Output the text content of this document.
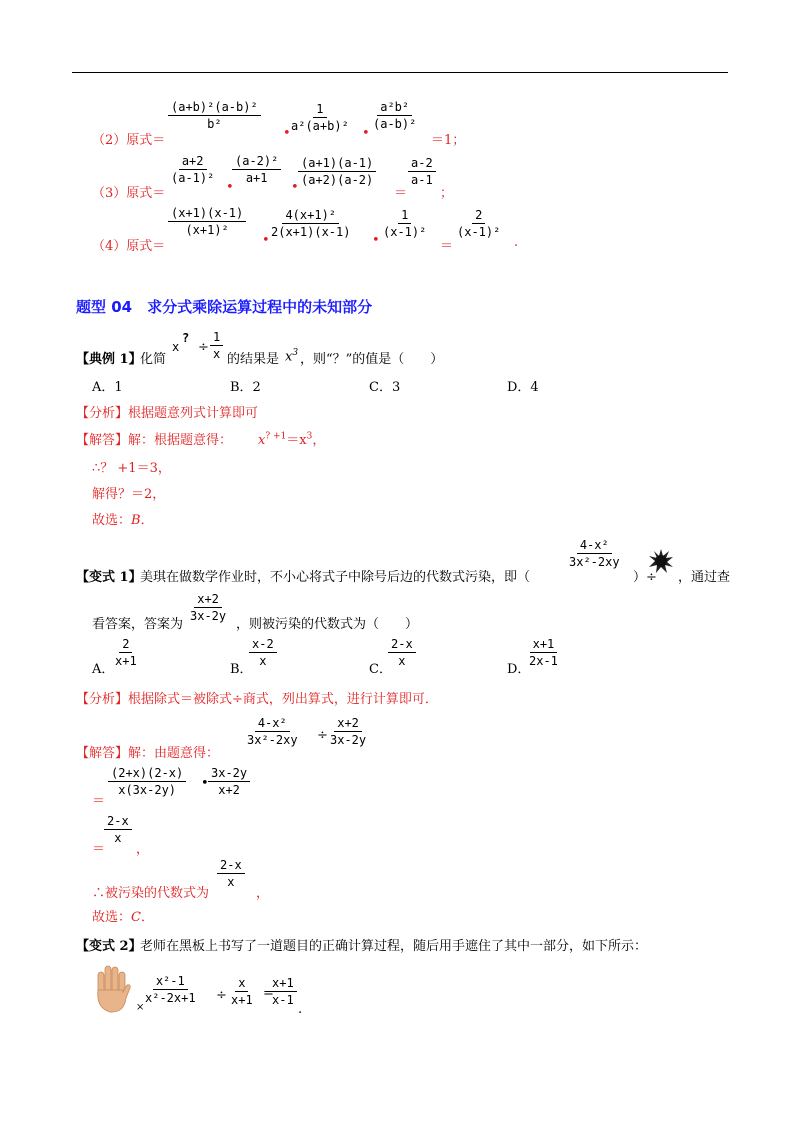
（2）原式＝
$\frac{\text{(a+b)²(a-b)²}}{\text{b²}}$
•
$\frac{1}{\text{a²(a+b)²}}$
•
$\frac{\text{a²b²}}{\text{(a-b)²}}$
＝1；
（3）原式＝
$\frac{a+2}{\text{(a-1)²}}$
•
$\frac{\text{(a-2)²}}{a+1}$
•
$\frac{(a+1)(a-1)}{(a+2)(a-2)}$
＝
$\frac{a-2}{a-1}$
；
（4）原式＝
$\frac{(x+1)(x-1)}{\text{(x+1)²}}$
•
$\frac{\text{4(x+1)²}}{2(x+1)(x-1)}$
•
$\frac{1}{\text{(x-1)²}}$
＝
$\frac{2}{\text{(x-1)²}}$
.
题型 04　求分式乘除运算过程中的未知部分
【典例 1】
化简
x
?
÷ $\frac{1}{x}$ 的结果是 $x^3$ ，则“？”的值是（　　）
A．1	B．2	C．3	D．4
【分析】根据题意列式计算即可
【解答】解：根据题意得： $x^{? +1}=x^3$，
∴？ +1＝3，
解得？＝2，
故选：B．
【变式 1】
美琪在做数学作业时，不小心将式子中除号后边的代数式污染，即（
$\frac{\text{4-x²}}{\text{3x²-2xy}}$
）÷ ，通过查
看答案，答案为
$\frac{x+2}{3x-2y}$
，则被污染的代数式为（　　）
A．
$\frac{2}{x+1}$
B．
$\frac{x-2}{x}$
C．
$\frac{2-x}{x}$
D．
$\frac{x+1}{2x-1}$
【分析】根据除式＝被除式÷商式，列出算式，进行计算即可．
【解答】解：由题意得：
$\frac{\text{4-x²}}{\text{3x²-2xy}} \div \frac{x+2}{3x-2y}$
＝
$\frac{(2+x)(2-x)}{x(3x-2y)}$ • $\frac{3x-2y}{x+2}$
＝
$\frac{2-x}{x}$
，
∴被污染的代数式为
$\frac{2-x}{x}$
，
故选：C．
【变式 2】
老师在黑板上书写了一道题目的正确计算过程，随后用手遮住了其中一部分，如下所示：
×
$\frac{\text{x²-1}}{\text{x²-2x+1}} \div \frac{x}{x+1}$ =
$\frac{x+1}{x-1}$
.
